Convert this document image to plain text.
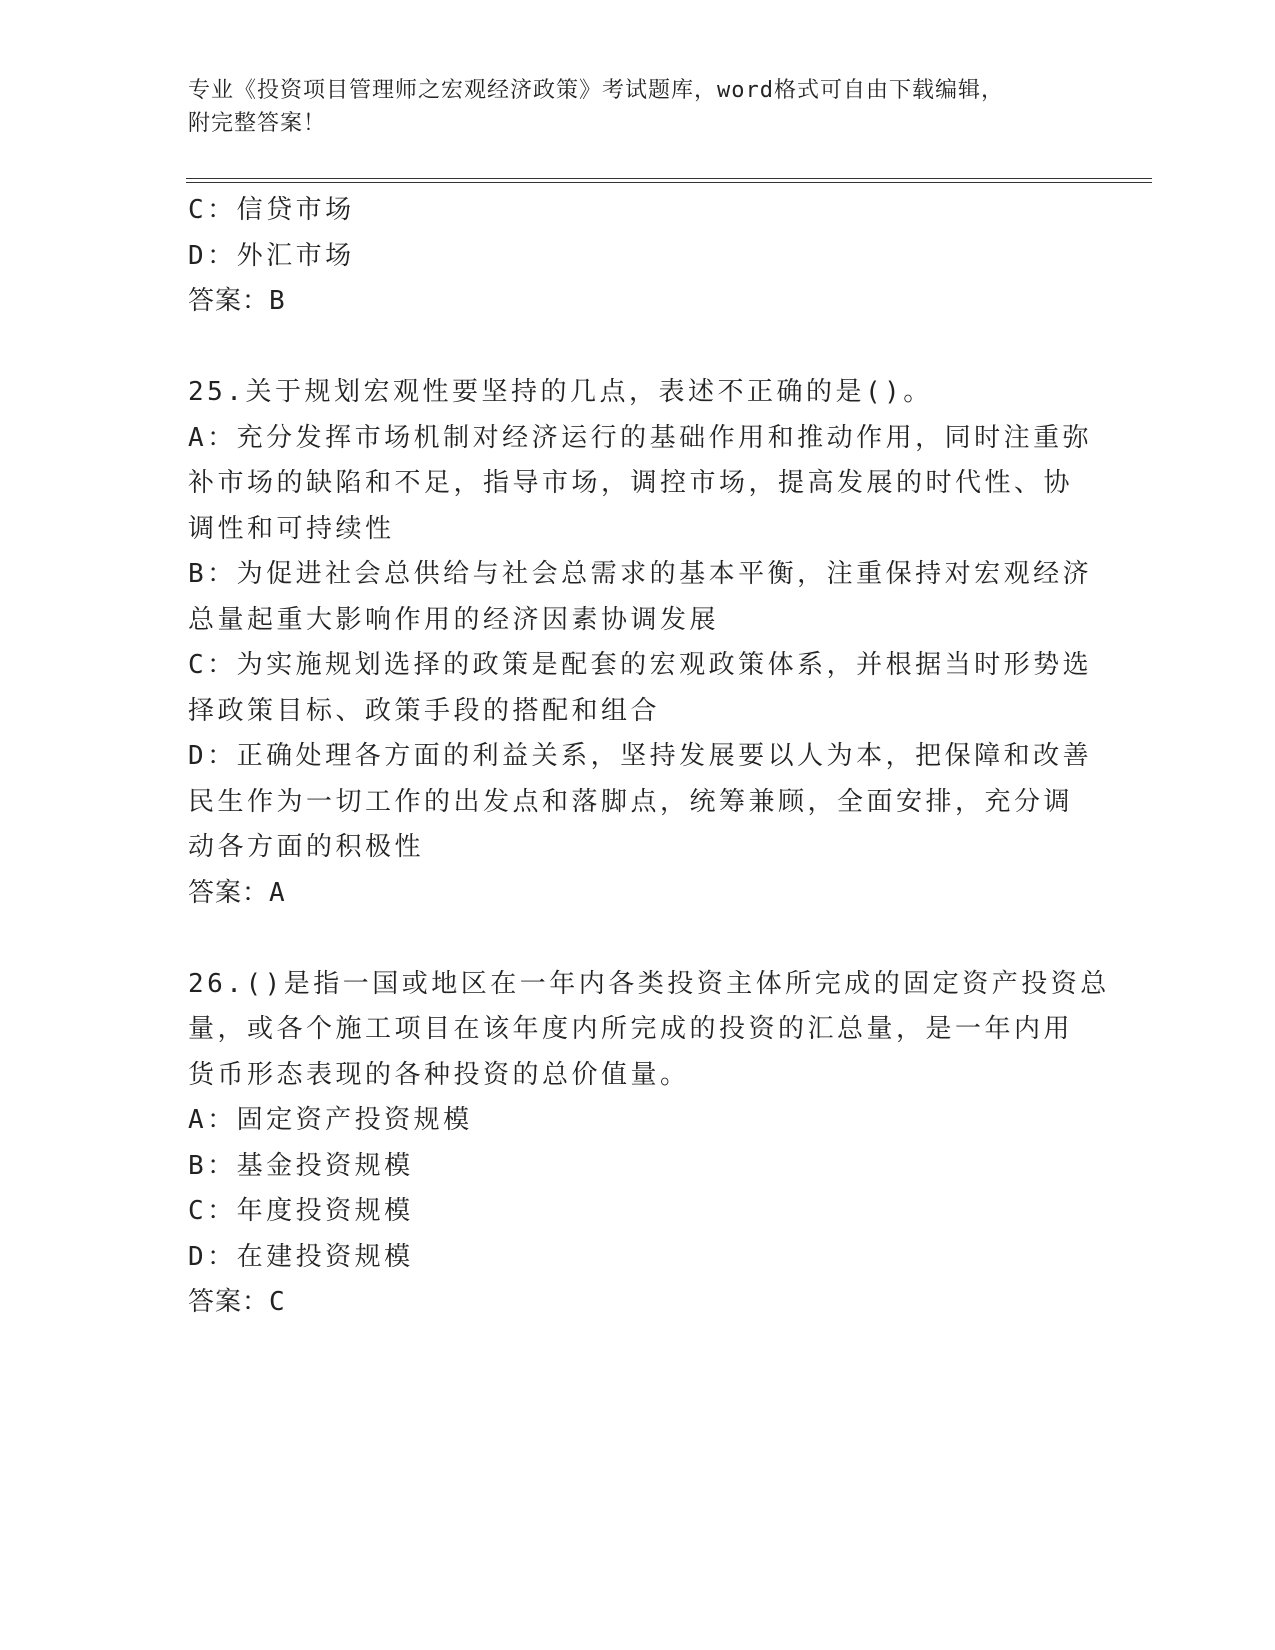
专业《投资项目管理师之宏观经济政策》考试题库，word格式可自由下载编辑，
附完整答案！
C：信贷市场
D：外汇市场
答案：B
25.关于规划宏观性要坚持的几点，表述不正确的是()。
A：充分发挥市场机制对经济运行的基础作用和推动作用，同时注重弥
补市场的缺陷和不足，指导市场，调控市场，提高发展的时代性、协
调性和可持续性
B：为促进社会总供给与社会总需求的基本平衡，注重保持对宏观经济
总量起重大影响作用的经济因素协调发展
C：为实施规划选择的政策是配套的宏观政策体系，并根据当时形势选
择政策目标、政策手段的搭配和组合
D：正确处理各方面的利益关系，坚持发展要以人为本，把保障和改善
民生作为一切工作的出发点和落脚点，统筹兼顾，全面安排，充分调
动各方面的积极性
答案：A
26.()是指一国或地区在一年内各类投资主体所完成的固定资产投资总
量，或各个施工项目在该年度内所完成的投资的汇总量，是一年内用
货币形态表现的各种投资的总价值量。
A：固定资产投资规模
B：基金投资规模
C：年度投资规模
D：在建投资规模
答案：C
